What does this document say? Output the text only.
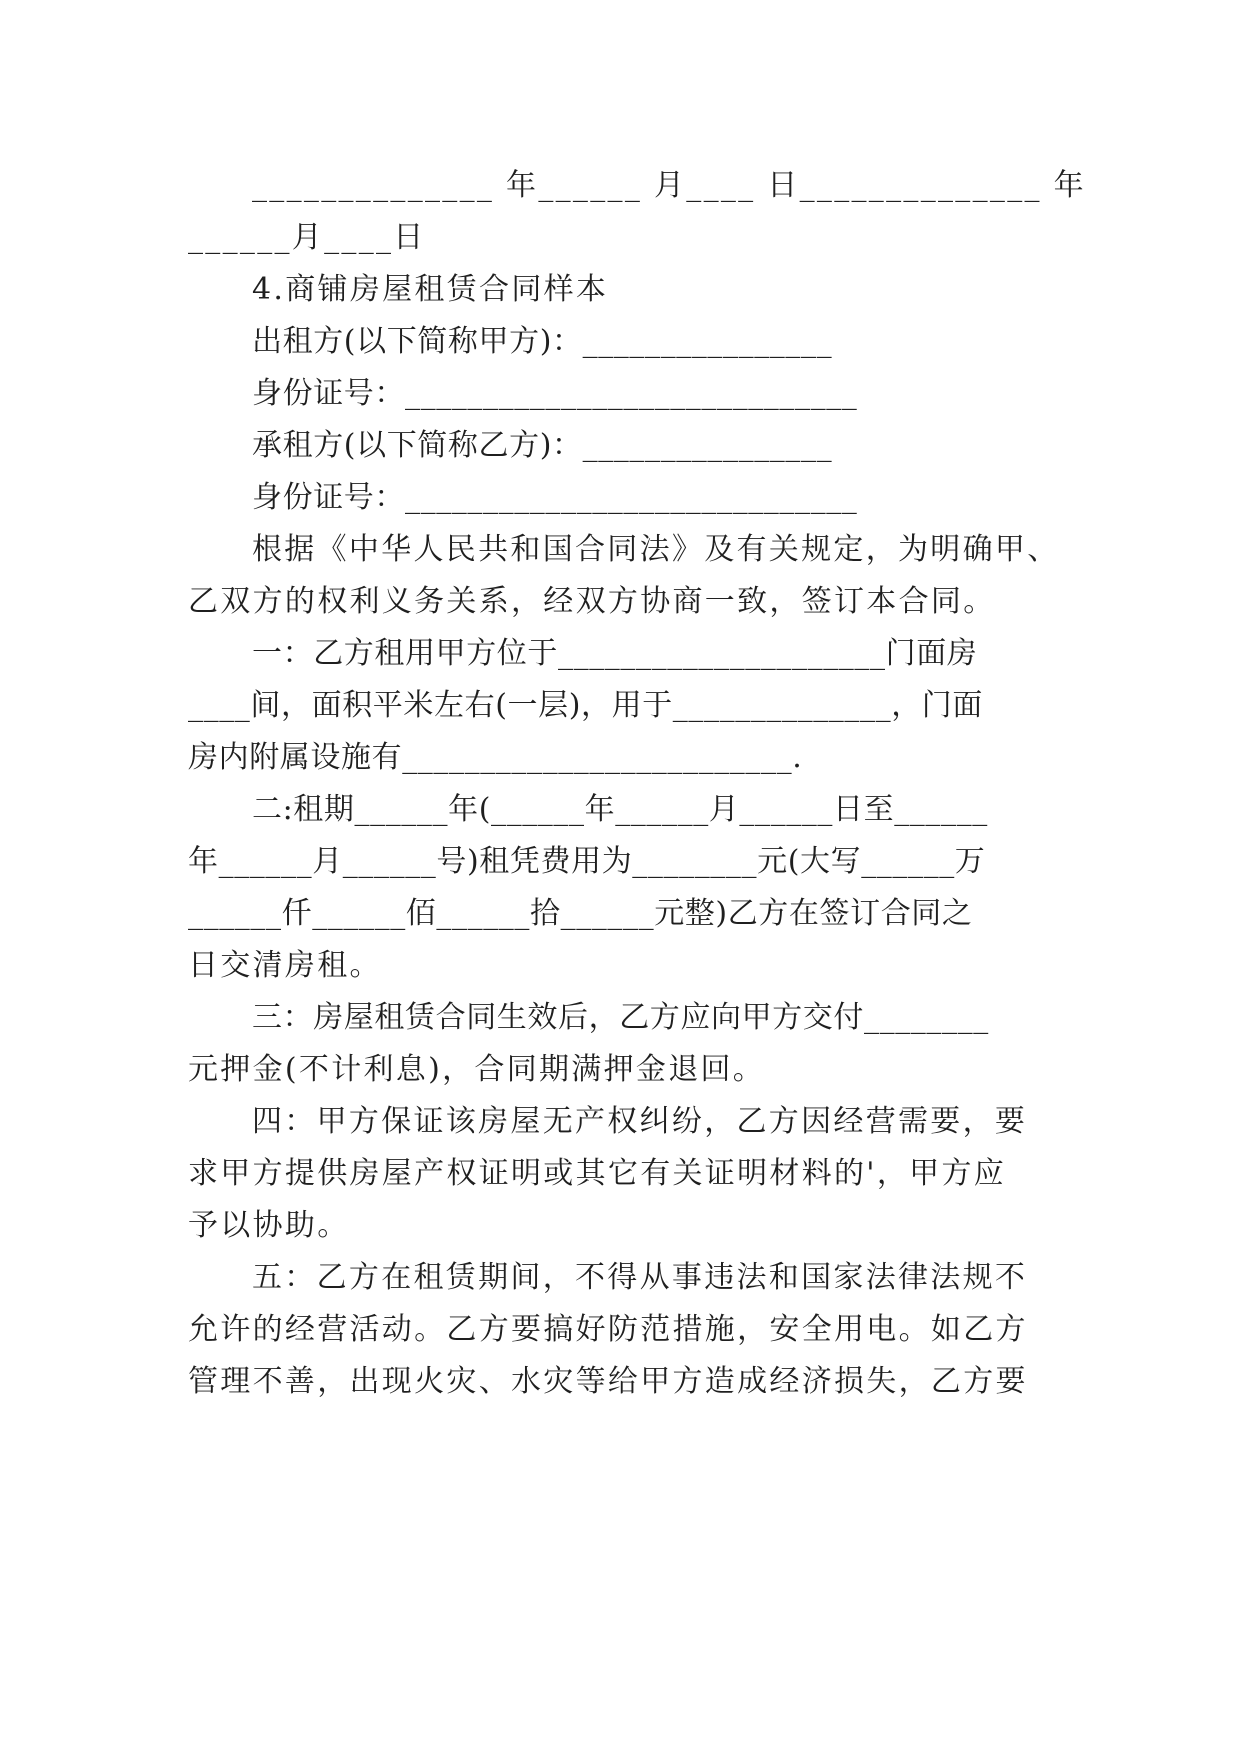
______________ 年______ 月____ 日______________ 年
______月____日
4.商铺房屋租赁合同样本
出租方(以下简称甲方)：________________
身份证号：_____________________________
承租方(以下简称乙方)：________________
身份证号：_____________________________
根据《中华人民共和国合同法》及有关规定，为明确甲、
乙双方的权利义务关系，经双方协商一致，签订本合同。
一：乙方租用甲方位于_____________________门面房
____间，面积平米左右(一层)，用于______________，门面
房内附属设施有_________________________.
二:租期______年(______年______月______日至______
年______月______号)租凭费用为________元(大写______万
______仟______佰______拾______元整)乙方在签订合同之
日交清房租。
三：房屋租赁合同生效后，乙方应向甲方交付________
元押金(不计利息)，合同期满押金退回。
四：甲方保证该房屋无产权纠纷，乙方因经营需要，要
求甲方提供房屋产权证明或其它有关证明材料的'，甲方应
予以协助。
五：乙方在租赁期间，不得从事违法和国家法律法规不
允许的经营活动。乙方要搞好防范措施，安全用电。如乙方
管理不善，出现火灾、水灾等给甲方造成经济损失，乙方要
